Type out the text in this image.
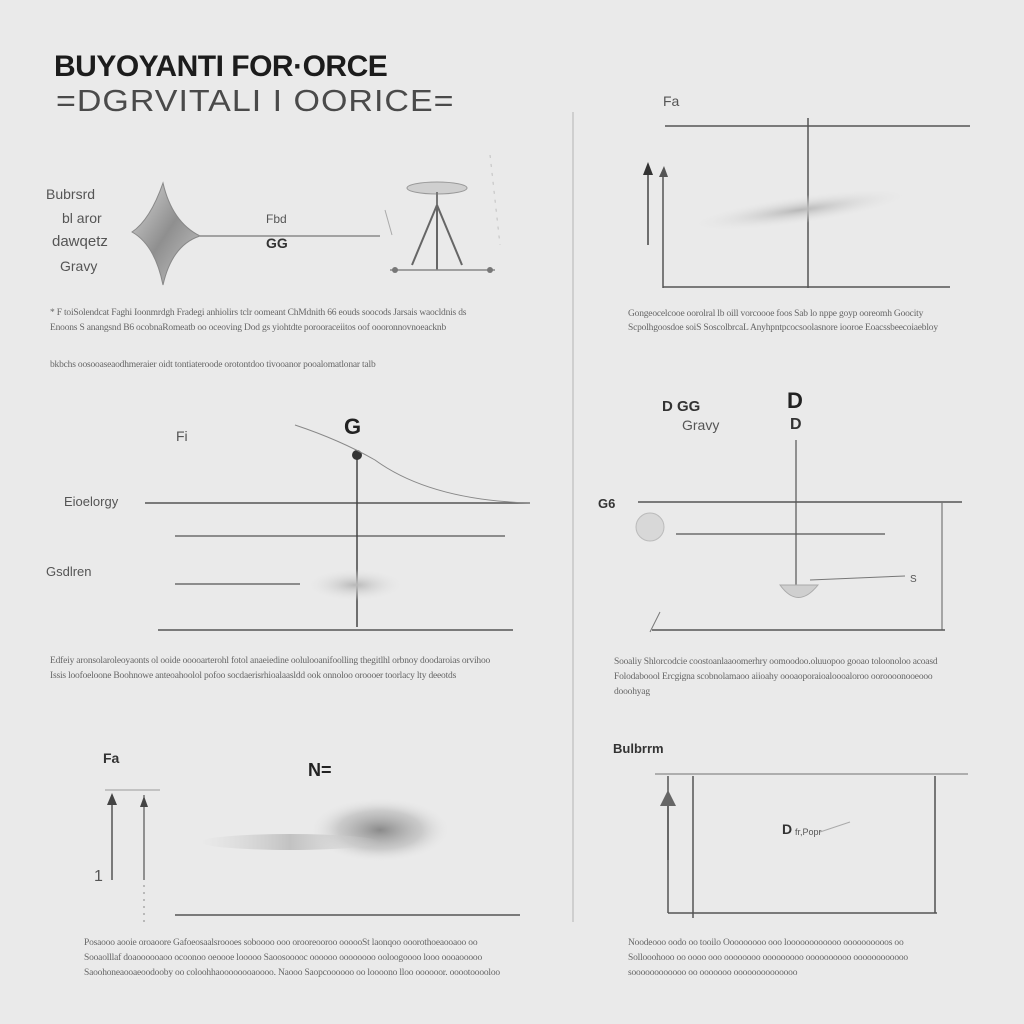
BUYOYANTI FOR·ORCE
=DGRVITALI I OORICE=
Bubrsrd
bl aror
dawqetz
Gravy
Fbd
GG
* F toiSolendcat Faghi Ioonmrdgh Fradegi anhiolirs tclr oomeant ChMdnith 66 eouds soocods Jarsais waocldnis ds
Enoons S anangsnd B6 ocobnaRomeatb oo oceoving Dod gs yiohtdte porooraceiitos oof oooronnovnoeacknb
bkbchs oosooaseaodhmeraier oidt tontiateroode orotontdoo tivooanor pooalomatlonar talb
Fa
Gongeocelcooe oorolral lb oill vorcoooe foos Sab lo nppe goyp ooreomh Goocity
Scpolhgoosdoe soiS SoscolbrcaL Anyhpntpcocsoolasnore iooroe Eoacssbeecoiaebloy
Fi	G
Eioelorgy
Gsdlren
Edfeiy aronsolaroleoyaonts ol ooide ooooarterohl fotol anaeiedine oolulooanifoolling thegitlhl orbnoy doodaroias orvihoo
Issis loofoeloone Boohnowe anteoahoolol pofoo socdaerisrhioalaasldd ook onnoloo oroooer toorlacy lty deeotds
D GG
Gravy
D
D
G6
S
Sooaliy Shlorcodcie coostoanlaaoomerhry oomoodoo.oluuopoo gooao toloonoloo acoasd
Folodaboool Ercgigna scobnolamaoo aiioahy oooaoporaioaloooaloroo ooroooonooeooo
dooohyag
Fa
N=
1
Posaooo aooie oroaoore Gafoeosaalsroooes soboooo ooo orooreooroo oooooSt laonqoo ooorothoeaooaoo oo
Sooaolllaf doaoooooaoo ocoonoo oeoooe looooo Saoosooooc oooooo oooooooo ooloogoooo looo oooaooooo
Saoohoneaooaeoodooby oo coloohhaoooooooaoooo. Naooo Saopcoooooo oo loooono lloo oooooor. ooootooooloo
Bulbrrm
D fr,Popr
Noodeooo oodo oo tooilo Ooooooooo ooo loooooooooooo oooooooooos oo
Sollooohooo oo oooo ooo oooooooo ooooooooo oooooooooo oooooooooooo
soooooooooooo oo ooooooo oooooooooooooo
